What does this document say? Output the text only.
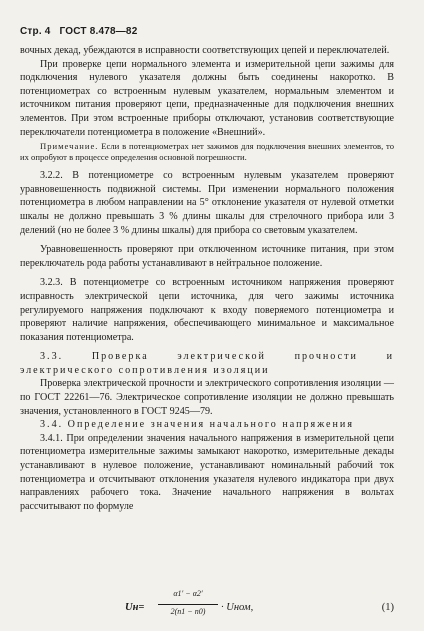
Стр. 4 ГОСТ 8.478—82

вочных декад, убеждаются в исправности соответствующих цепей и переключателей.

При проверке цепи нормального элемента и измерительной цепи зажимы для подключения нулевого указателя должны быть соединены накоротко. В потенциометрах со встроенным нулевым указателем, нормальным элементом и источником питания проверяют цепи, предназначенные для подключения внешних элементов. При этом встроенные приборы отключают, установив соответствующие переключатели потенциометра в положение «Внешний».

Примечание. Если в потенциометрах нет зажимов для подключения внешних элементов, то их опробуют в процессе определения основной погрешности.

3.2.2. В потенциометре со встроенным нулевым указателем проверяют уравновешенность подвижной системы. При изменении нормального положения потенциометра в любом направлении на 5° отклонение указателя от нулевой отметки шкалы не должно превышать 3 % длины шкалы для стрелочного прибора или 3 делений (но не более 3 % длины шкалы) для прибора со световым указателем.

Уравновешенность проверяют при отключенном источнике питания, при этом переключатель рода работы устанавливают в нейтральное положение.

3.2.3. В потенциометре со встроенным источником напряжения проверяют исправность электрической цепи источника, для чего зажимы источника регулируемого напряжения подключают к входу поверяемого потенциометра и проверяют наличие напряжения, обеспечивающего минимальное и максимальное показания потенциометра.

3.3. Проверка электрической прочности и электрического сопротивления изоляции

Проверка электрической прочности и электрического сопротивления изоляции — по ГОСТ 22261—76. Электрическое сопротивление изоляции не должно превышать значения, установленного в ГОСТ 9245—79.

3.4. Определение значения начального напряжения

3.4.1. При определении значения начального напряжения в измерительной цепи потенциометра измерительные зажимы замыкают накоротко, измерительные декады устанавливают в нулевое положение, устанавливают номинальный рабочий ток потенциометра и отсчитывают отклонения указателя нулевого индикатора при двух направлениях рабочего тока. Значение начального напряжения в вольтах рассчитывают по формуле

Uн=
α1′ − α2′
2(n1 − n0)	· Uном,	(1)
